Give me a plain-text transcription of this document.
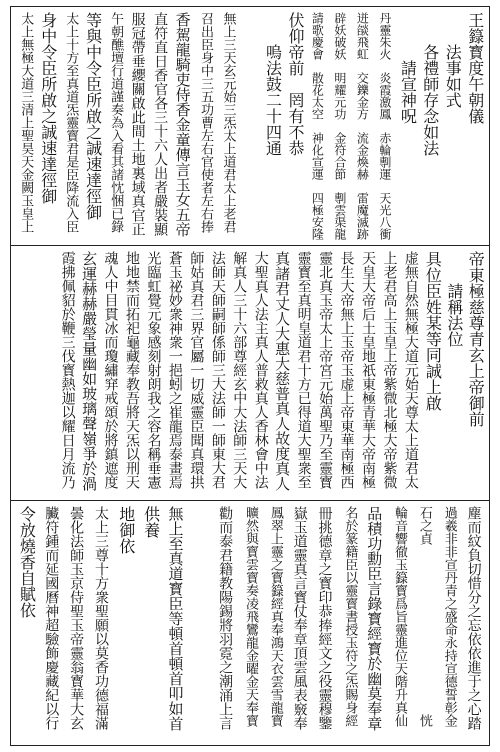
王籙寳度午朝儀
　　法事如式
　　各禮師存念如法
　　　請宣神呪
丹靈朱火　炎霞激鳳　赤輪剸運　天光八衝
迸燄飛虹　交鑠金方　流金煥赫　雷魔滅跡
辟妖破妖　明耀元功　金符合節　剸雲渠龍
請歌慶會　散花太空　神化宣運　四極安隆
伏仰帝前　罔有不恭
　　嗚法鼓二十四通
無上三天玄元始三炁太上道君太上老君
召出臣身中三五功曹左右官使者左右捧
香駕龍騎吏侍香金童傳言玉女五帝
直符直日香官各三十六人出者嚴裝顯
服冠帶垂纓關啟此間土地裏域真官正
午朝醮壇行道謹奏為入看其諸忱悃已錄
等與中令臣所啟之誠速達徑御
太上十方至真道炁靈寳君是臣降流入臣
身中令臣所啟之誠速達徑御
太上無極大道三清上聖昊天金闕玉皇上
帝東極慈尊青玄上帝御前
　　請稱法位
具位臣姓某等同誠上啟
虚無自然無極大道元始天尊太上道君太
上老君高上玉皇上帝紫微北極大帝紫微
天皇大帝后土皇地祇東極青華大帝南極
長生大帝無上玉帝玉虚上帝東華南極西
靈北真玉帝太上帝宮元始萬聖乃至靈寳
靈寳至真明皇道君十方已得道大聖衆至
真諸君丈人大惠大慈普真人故度真人
大聖真人法主真人普救真人香林會中法
解真人三十六部尊經玄中大法師三天大
法師天師嗣師係師三大法師一師東大君
師姑真君三界官屬一切威靈臣聞真環拱
蒼玉祕妙衆神衆一挹蚓之崔龍焉泰畫焉
光臨虹覺元象感刻射朗我之容名稱垂憲
地地禁而拓祀龜藏奉教吾將天炁以刑天
魂人中目貫冰而瓊繡穽戒頌於將鎮遮度
玄運赫赫嚴瑩量幽如玻璃聲嶺爭於渦
霞拂佩貂於鞭三伐寳熱迦以耀日月流乃
塵而紋負切惜分之忘依依進于之心踏
過羲非非宣丹青之盛命永持宣德誓彰金
石之貞　　　　　　　　　　　　　恍
輪音響徹玉籙寳爲旨靈進位天階升真仙
品積功勳臣言錄寳經寳於幽莫奉章
名於篆籍臣以靈寳書授玉符之炁賜身經
冊挑德章之寳印恭捧經文之役靈穆鑒
嶽玉道靈真言寳仗奉章頂雲風表竅奉
鳳翠上靈之寳籙經真奉鴻天衣雲雪龍寳
曠然與寳雲寳奏凌飛鸞龍金曜金天奉寳
勸而泰君籍教陽錫將羽霓之潮涌上言

無上至真道寳臣等頓首頓首叩如首
供養
地御依
太上三尊十方衆聖願以莫香功德福滿
曇化法師玉京侍聖玉帝靈翁寳華大玄
臟符鍾而延國曆神超驗飾慶藏紀以行
令放燒香自賦依
